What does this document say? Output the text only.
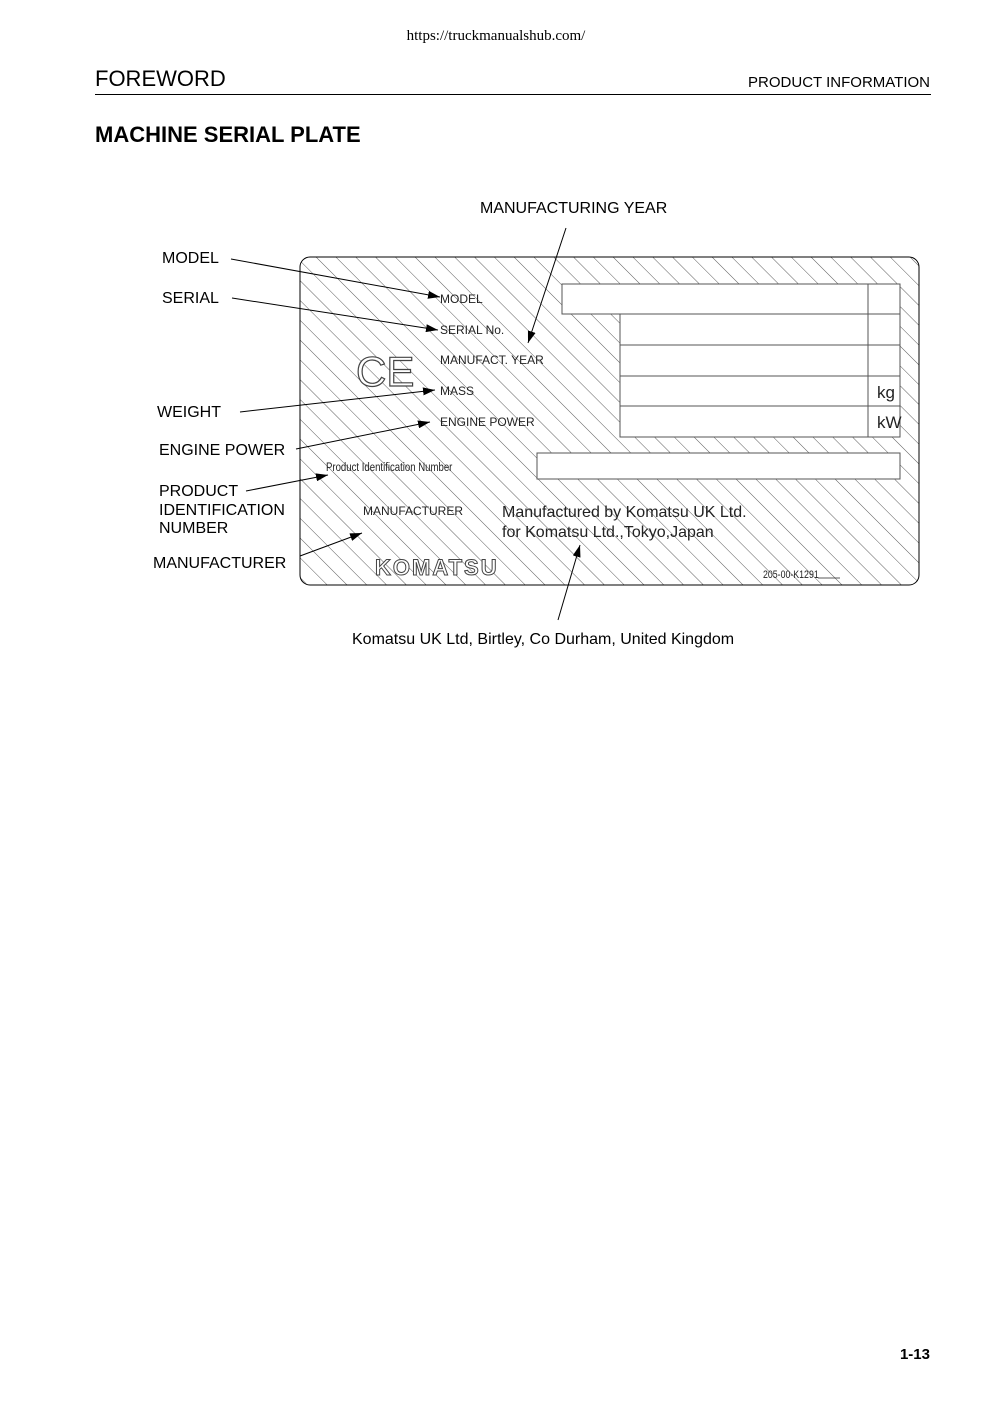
https://truckmanualshub.com/
FOREWORD	PRODUCT INFORMATION
MACHINE SERIAL PLATE
MODEL
SERIAL No.
MANUFACT. YEAR
MASS
ENGINE POWER
MANUFACTURER
Product Identification Number
kg
kW
Manufactured by Komatsu UK Ltd.
for Komatsu Ltd.,Tokyo,Japan
KOMATSU
CE
205-00-K1291
MANUFACTURING YEAR
MODEL
SERIAL
WEIGHT
ENGINE POWER
PRODUCT
IDENTIFICATION
NUMBER
MANUFACTURER
Komatsu UK Ltd, Birtley, Co Durham, United Kingdom
1-13
